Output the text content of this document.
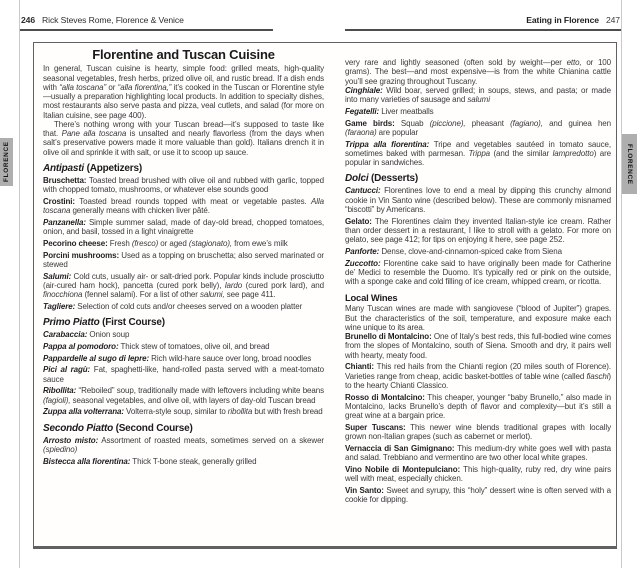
246 Rick Steves Rome, Florence & Venice	Eating in Florence 247
FLORENCE	FLORENCE
Florentine and Tuscan Cuisine

In general, Tuscan cuisine is hearty, simple food: grilled meats, high-quality seasonal vegetables, fresh herbs, prized olive oil, and rustic bread. If a dish ends with “alla toscana” or “alla fiorentina,” it’s cooked in the Tuscan or Florentine style—usually a preparation highlighting local products. In addition to specialty dishes, most restaurants also serve pasta and pizza, veal cutlets, and salad (for more on Italian cuisine, see page 400).

There’s nothing wrong with your Tuscan bread—it’s supposed to taste like that. Pane alla toscana is unsalted and nearly flavorless (from the days when salt’s preservative powers made it more valuable than gold). Italians drench it in olive oil and sprinkle it with salt, or use it to scoop up sauce.

Antipasti (Appetizers)

Bruschetta: Toasted bread brushed with olive oil and rubbed with garlic, topped with chopped tomato, mushrooms, or whatever else sounds good

Crostini: Toasted bread rounds topped with meat or vegetable pastes. Alla toscana generally means with chicken liver pâté.

Panzanella: Simple summer salad, made of day-old bread, chopped tomatoes, onion, and basil, tossed in a light vinaigrette

Pecorino cheese: Fresh (fresco) or aged (stagionato), from ewe’s milk

Porcini mushrooms: Used as a topping on bruschetta; also served marinated or stewed

Salumi: Cold cuts, usually air- or salt-dried pork. Popular kinds include prosciutto (air-cured ham hock), pancetta (cured pork belly), lardo (cured pork lard), and finocchiona (fennel salami). For a list of other salumi, see page 411.

Tagliere: Selection of cold cuts and/or cheeses served on a wooden platter

Primo Piatto (First Course)

Carabaccia: Onion soup

Pappa al pomodoro: Thick stew of tomatoes, olive oil, and bread

Pappardelle al sugo di lepre: Rich wild-hare sauce over long, broad noodles

Pici al ragù: Fat, spaghetti-like, hand-rolled pasta served with a meat-tomato sauce

Ribollita: “Reboiled” soup, traditionally made with leftovers including white beans (fagioli), seasonal vegetables, and olive oil, with layers of day-old Tuscan bread

Zuppa alla volterrana: Volterra-style soup, similar to ribollita but with fresh bread

Secondo Piatto (Second Course)

Arrosto misto: Assortment of roasted meats, sometimes served on a skewer (spiedino)

Bistecca alla fiorentina: Thick T-bone steak, generally grilled

very rare and lightly seasoned (often sold by weight—per etto, or 100 grams). The best—and most expensive—is from the white Chianina cattle you’ll see grazing throughout Tuscany.

Cinghiale: Wild boar, served grilled; in soups, stews, and pasta; or made into many varieties of sausage and salumi

Fegatelli: Liver meatballs

Game birds: Squab (piccione), pheasant (fagiano), and guinea hen (faraona) are popular

Trippa alla fiorentina: Tripe and vegetables sautéed in tomato sauce, sometimes baked with parmesan. Trippa (and the similar lampredotto) are popular in sandwiches.

Dolci (Desserts)

Cantucci: Florentines love to end a meal by dipping this crunchy almond cookie in Vin Santo wine (described below). These are commonly misnamed “biscotti” by Americans.

Gelato: The Florentines claim they invented Italian-style ice cream. Rather than order dessert in a restaurant, I like to stroll with a gelato. For more on gelato, see page 412; for tips on enjoying it here, see page 252.

Panforte: Dense, clove-and-cinnamon-spiced cake from Siena

Zuccotto: Florentine cake said to have originally been made for Catherine de’ Medici to resemble the Duomo. It’s typically red or pink on the outside, with a sponge cake and cold filling of ice cream, whipped cream, or ricotta.

Local Wines

Many Tuscan wines are made with sangiovese (“blood of Jupiter”) grapes. But the characteristics of the soil, temperature, and exposure make each wine unique to its area.

Brunello di Montalcino: One of Italy’s best reds, this full-bodied wine comes from the slopes of Montalcino, south of Siena. Smooth and dry, it pairs well with hearty, meaty food.

Chianti: This red hails from the Chianti region (20 miles south of Florence). Varieties range from cheap, acidic basket-bottles of table wine (called fiaschi) to the hearty Chianti Classico.

Rosso di Montalcino: This cheaper, younger “baby Brunello,” also made in Montalcino, lacks Brunello’s depth of flavor and complexity—but it’s still a great wine at a bargain price.

Super Tuscans: This newer wine blends traditional grapes with locally grown non-Italian grapes (such as cabernet or merlot).

Vernaccia di San Gimignano: This medium-dry white goes well with pasta and salad. Trebbiano and vermentino are two other local white grapes.

Vino Nobile di Montepulciano: This high-quality, ruby red, dry wine pairs well with meat, especially chicken.

Vin Santo: Sweet and syrupy, this “holy” dessert wine is often served with a cookie for dipping.
